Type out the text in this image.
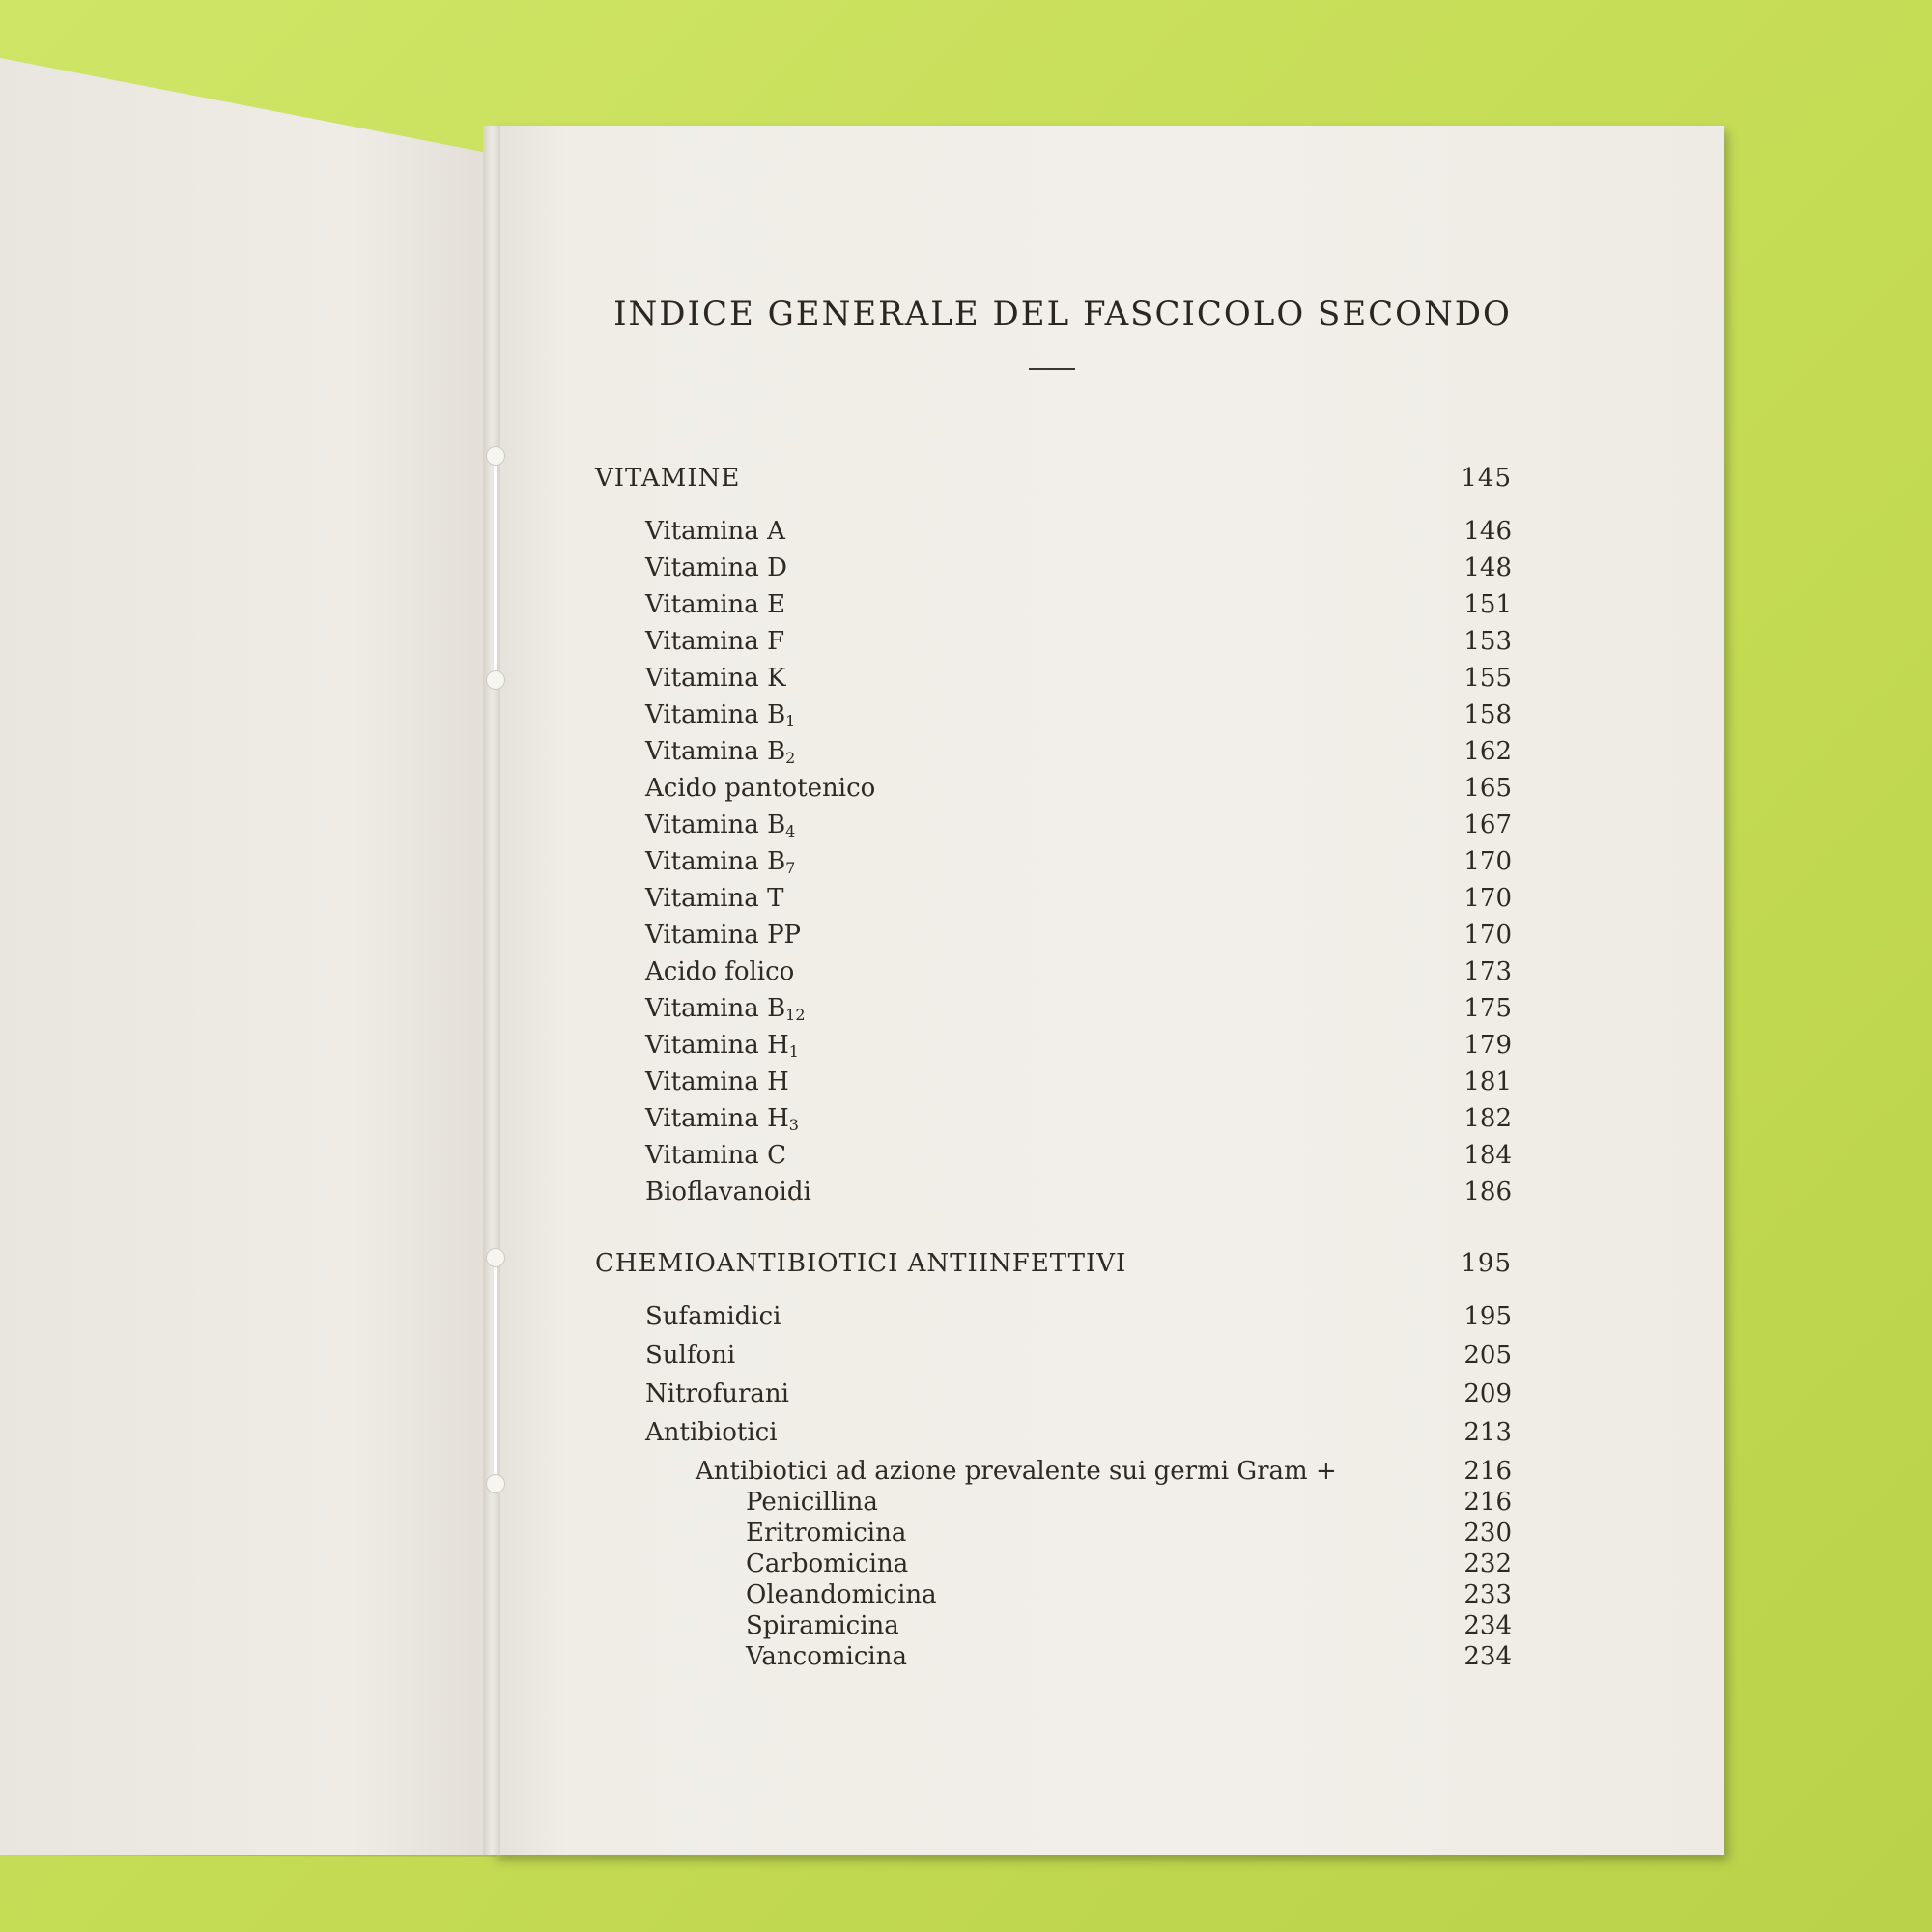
INDICE GENERALE DEL FASCICOLO SECONDO
VITAMINE	145
Vitamina A	146
Vitamina D	148
Vitamina E	151
Vitamina F	153
Vitamina K	155
Vitamina $B_1$	158
Vitamina $B_2$	162
Acido pantotenico	165
Vitamina $B_4$	167
Vitamina $B_7$	170
Vitamina T	170
Vitamina PP	170
Acido folico	173
Vitamina $B_{12}$	175
Vitamina $H_1$	179
Vitamina H	181
Vitamina $H_3$	182
Vitamina C	184
Bioflavanoidi	186
CHEMIOANTIBIOTICI ANTIINFETTIVI	195
Sufamidici	195
Sulfoni	205
Nitrofurani	209
Antibiotici	213
Antibiotici ad azione prevalente sui germi Gram +	216
Penicillina	216
Eritromicina	230
Carbomicina	232
Oleandomicina	233
Spiramicina	234
Vancomicina	234
